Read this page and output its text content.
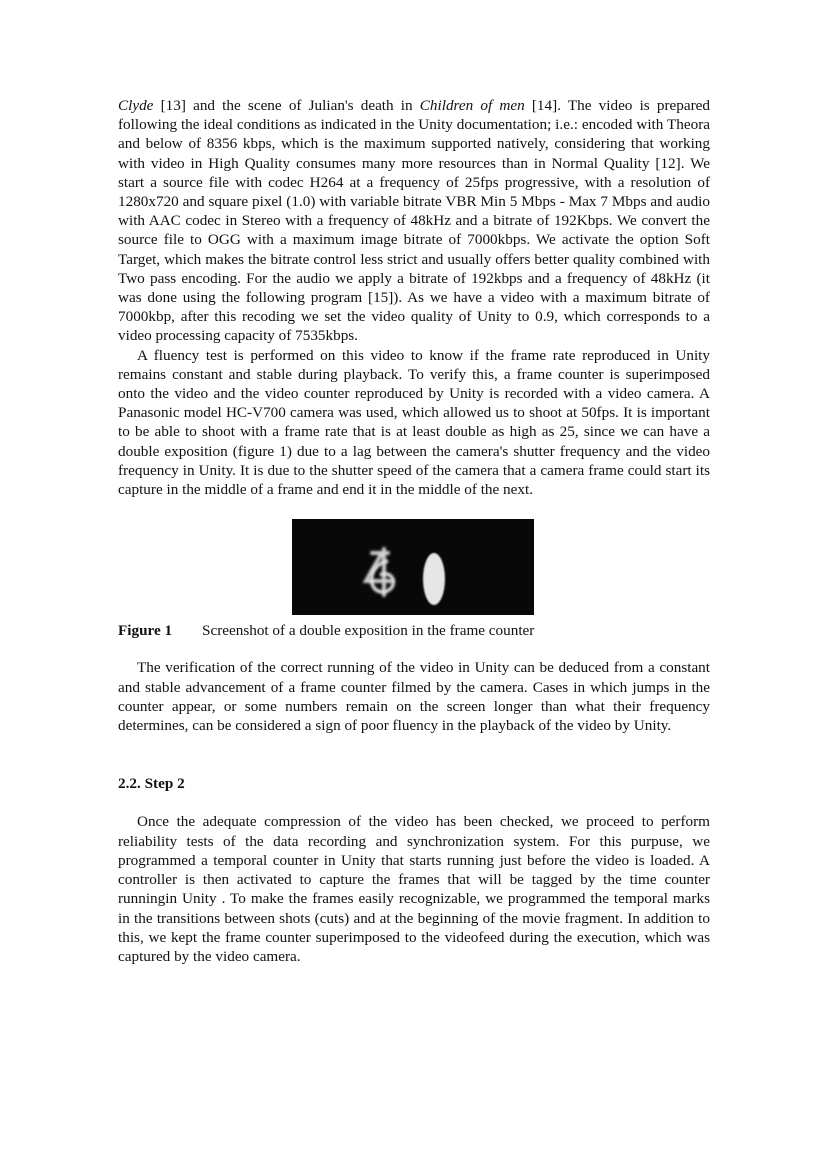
Clyde [13] and the scene of Julian's death in Children of men [14]. The video is prepared following the ideal conditions as indicated in the Unity documentation; i.e.: encoded with Theora and below of 8356 kbps, which is the maximum supported natively, considering that working with video in High Quality consumes many more resources than in Normal Quality [12]. We start a source file with codec H264 at a frequency of 25fps progressive, with a resolution of 1280x720 and square pixel (1.0) with variable bitrate VBR Min 5 Mbps - Max 7 Mbps and audio with AAC codec in Stereo with a frequency of 48kHz and a bitrate of 192Kbps. We convert the source file to OGG with a maximum image bitrate of 7000kbps. We activate the option Soft Target, which makes the bitrate control less strict and usually offers better quality combined with Two pass encoding. For the audio we apply a bitrate of 192kbps and a frequency of 48kHz (it was done using the following program [15]). As we have a video with a maximum bitrate of 7000kbp, after this recoding we set the video quality of Unity to 0.9, which corresponds to a video processing capacity of 7535kbps.

A fluency test is performed on this video to know if the frame rate reproduced in Unity remains constant and stable during playback. To verify this, a frame counter is superimposed onto the video and the video counter reproduced by Unity is recorded with a video camera. A Panasonic model HC-V700 camera was used, which allowed us to shoot at 50fps. It is important to be able to shoot with a frame rate that is at least double as high as 25, since we can have a double exposition (figure 1) due to a lag between the camera's shutter frequency and the video frequency in Unity. It is due to the shutter speed of the camera that a camera frame could start its capture in the middle of a frame and end it in the middle of the next.

Figure 1 Screenshot of a double exposition in the frame counter

The verification of the correct running of the video in Unity can be deduced from a constant and stable advancement of a frame counter filmed by the camera. Cases in which jumps in the counter appear, or some numbers remain on the screen longer than what their frequency determines, can be considered a sign of poor fluency in the playback of the video by Unity.

2.2. Step 2

Once the adequate compression of the video has been checked, we proceed to perform reliability tests of the data recording and synchronization system. For this purpuse, we programmed a temporal counter in Unity that starts running just before the video is loaded. A controller is then activated to capture the frames that will be tagged by the time counter runningin Unity . To make the frames easily recognizable, we programmed the temporal marks in the transitions between shots (cuts) and at the beginning of the movie fragment. In addition to this, we kept the frame counter superimposed to the videofeed during the execution, which was captured by the video camera.
